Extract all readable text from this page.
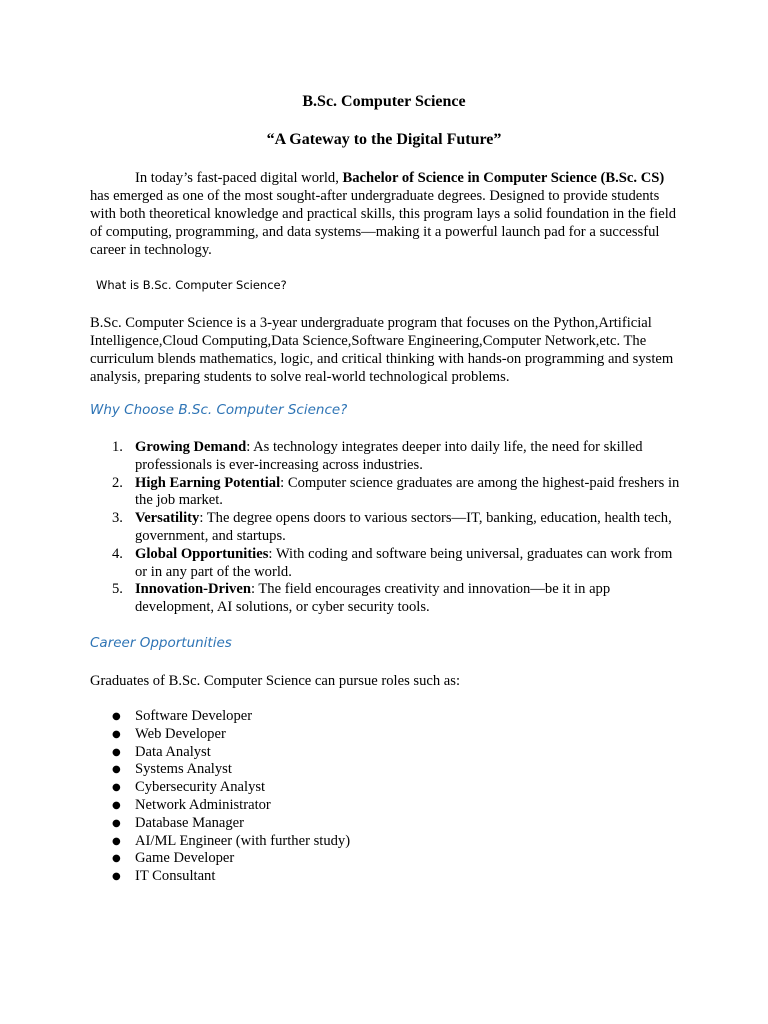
B.Sc. Computer Science
“A Gateway to the Digital Future”
In today’s fast-paced digital world, Bachelor of Science in Computer Science (B.Sc. CS) has emerged as one of the most sought-after undergraduate degrees. Designed to provide students with both theoretical knowledge and practical skills, this program lays a solid foundation in the field of computing, programming, and data systems—making it a powerful launch pad for a successful career in technology.
What is B.Sc. Computer Science?
B.Sc. Computer Science is a 3-year undergraduate program that focuses on the Python,Artificial Intelligence,Cloud Computing,Data Science,Software Engineering,Computer Network,etc. The curriculum blends mathematics, logic, and critical thinking with hands-on programming and system analysis, preparing students to solve real-world technological problems.
Why Choose B.Sc. Computer Science?
1. Growing Demand: As technology integrates deeper into daily life, the need for skilled professionals is ever-increasing across industries.
2. High Earning Potential: Computer science graduates are among the highest-paid freshers in the job market.
3. Versatility: The degree opens doors to various sectors—IT, banking, education, health tech, government, and startups.
4. Global Opportunities: With coding and software being universal, graduates can work from or in any part of the world.
5. Innovation-Driven: The field encourages creativity and innovation—be it in app development, AI solutions, or cyber security tools.
Career Opportunities
Graduates of B.Sc. Computer Science can pursue roles such as:
● Software Developer
● Web Developer
● Data Analyst
● Systems Analyst
● Cybersecurity Analyst
● Network Administrator
● Database Manager
● AI/ML Engineer (with further study)
● Game Developer
● IT Consultant
